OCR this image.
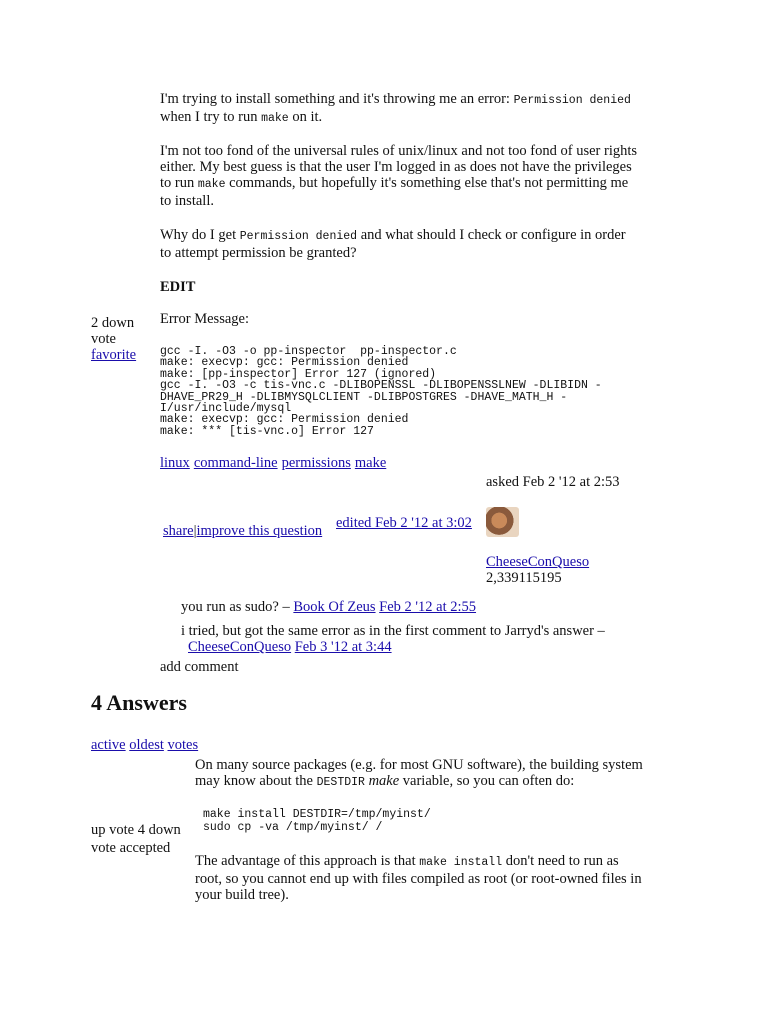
I'm trying to install something and it's throwing me an error: Permission denied
when I try to run make on it.

I'm not too fond of the universal rules of unix/linux and not too fond of user rights
either. My best guess is that the user I'm logged in as does not have the privileges
to run make commands, but hopefully it's something else that's not permitting me
to install.

Why do I get Permission denied and what should I check or configure in order
to attempt permission be granted?

EDIT

2 down
vote
favorite
Error Message:
gcc -I. -O3 -o pp-inspector  pp-inspector.c
make: execvp: gcc: Permission denied
make: [pp-inspector] Error 127 (ignored)
gcc -I. -O3 -c tis-vnc.c -DLIBOPENSSL -DLIBOPENSSLNEW -DLIBIDN -
DHAVE_PR29_H -DLIBMYSQLCLIENT -DLIBPOSTGRES -DHAVE_MATH_H -
I/usr/include/mysql
make: execvp: gcc: Permission denied
make: *** [tis-vnc.o] Error 127
linux command-line permissions make
asked Feb 2 '12 at 2:53
share|improve this question edited Feb 2 '12 at 3:02
CheeseConQueso
2,339115195
you run as sudo? – Book Of Zeus Feb 2 '12 at 2:55
i tried, but got the same error as in the first comment to Jarryd's answer –
CheeseConQueso Feb 3 '12 at 3:44
add comment
4 Answers
active oldest votes
On many source packages (e.g. for most GNU software), the building system
may know about the DESTDIR make variable, so you can often do:
make install DESTDIR=/tmp/myinst/
sudo cp -va /tmp/myinst/ /
up vote 4 down
vote accepted
The advantage of this approach is that make install don't need to run as
root, so you cannot end up with files compiled as root (or root-owned files in
your build tree).
